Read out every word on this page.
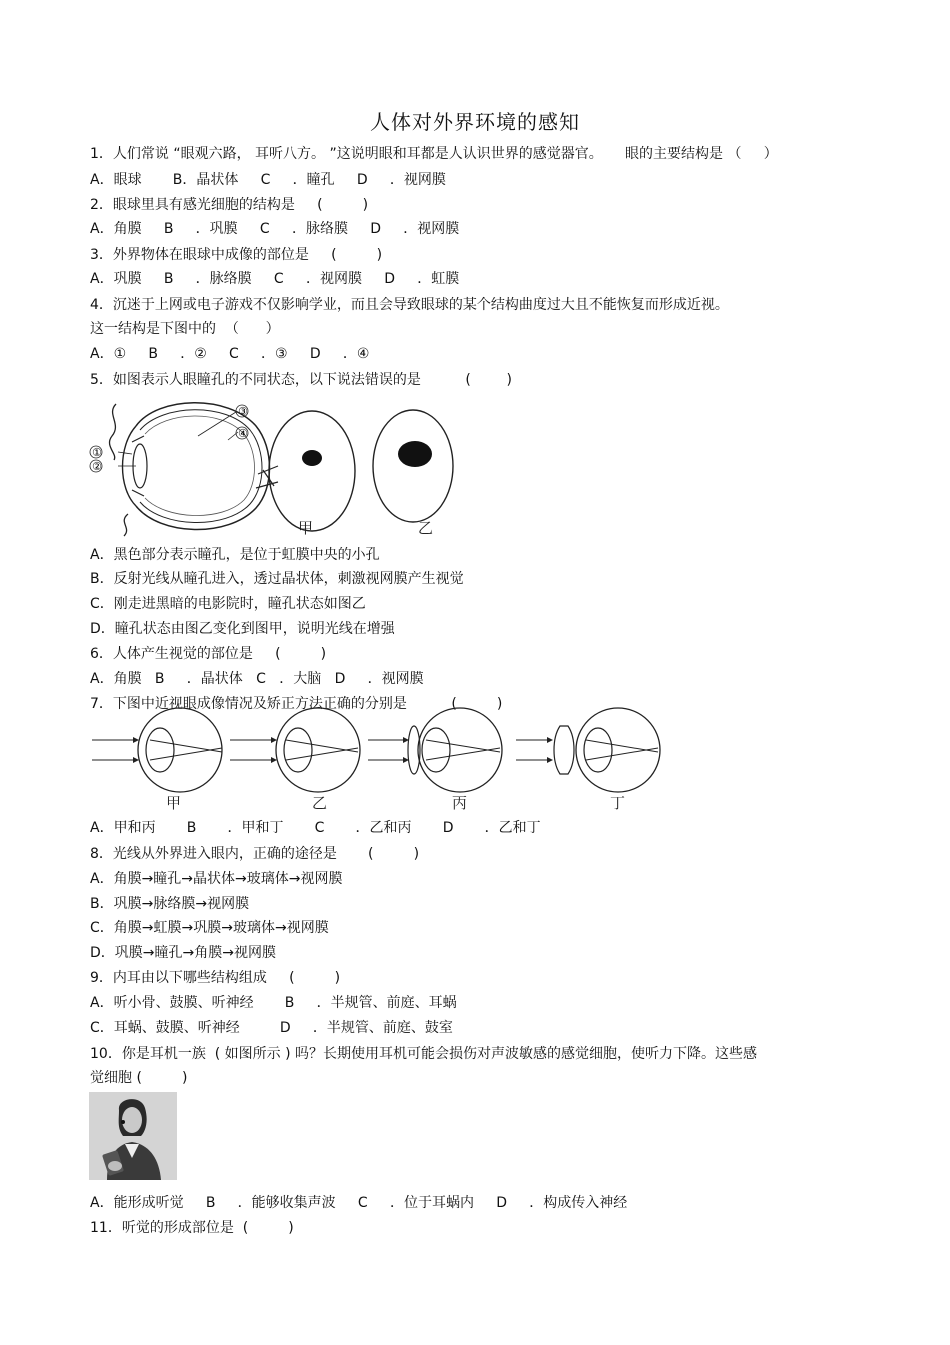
人体对外界环境的感知
1．人们常说 “眼观六路， 耳听八方。 ”这说明眼和耳都是人认识世界的感觉器官。     眼的主要结构是 （     ）
A．眼球       B．晶状体     C     ．瞳孔     D     ．视网膜
2．眼球里具有感光细胞的结构是     (         )
A．角膜     B     ．巩膜     C     ．脉络膜     D     ．视网膜
3．外界物体在眼球中成像的部位是     (         )
A．巩膜     B     ．脉络膜     C     ．视网膜     D     ．虹膜
4．沉迷于上网或电子游戏不仅影响学业，而且会导致眼球的某个结构曲度过大且不能恢复而形成近视。
这一结构是下图中的  （      ）
A．①     B     ．②     C     ．③     D     ．④
5．如图表示人眼瞳孔的不同状态，以下说法错误的是          (        )
③
④
①
②
甲	乙
A．黑色部分表示瞳孔，是位于虹膜中央的小孔
B．反射光线从瞳孔进入，透过晶状体，刺激视网膜产生视觉
C．刚走进黑暗的电影院时，瞳孔状态如图乙
D．瞳孔状态由图乙变化到图甲，说明光线在增强
6．人体产生视觉的部位是     (         )
A．角膜   B     ．晶状体   C   ．大脑   D     ．视网膜
7．下图中近视眼成像情况及矫正方法正确的分别是          (         )
甲	乙	丙	丁
A．甲和丙       B       ．甲和丁       C       ．乙和丙       D       ．乙和丁
8．光线从外界进入眼内，正确的途径是       (         )
A．角膜→瞳孔→晶状体→玻璃体→视网膜
B．巩膜→脉络膜→视网膜
C．角膜→虹膜→巩膜→玻璃体→视网膜
D．巩膜→瞳孔→角膜→视网膜
9．内耳由以下哪些结构组成     (         )
A．听小骨、鼓膜、听神经       B     ．半规管、前庭、耳蜗
C．耳蜗、鼓膜、听神经         D     ．半规管、前庭、鼓室
10．你是耳机一族  ( 如图所示 ) 吗？长期使用耳机可能会损伤对声波敏感的感觉细胞，使听力下降。这些感
觉细胞 (         )
A．能形成听觉     B     ．能够收集声波     C     ．位于耳蜗内     D     ．构成传入神经
11．听觉的形成部位是  (         )
